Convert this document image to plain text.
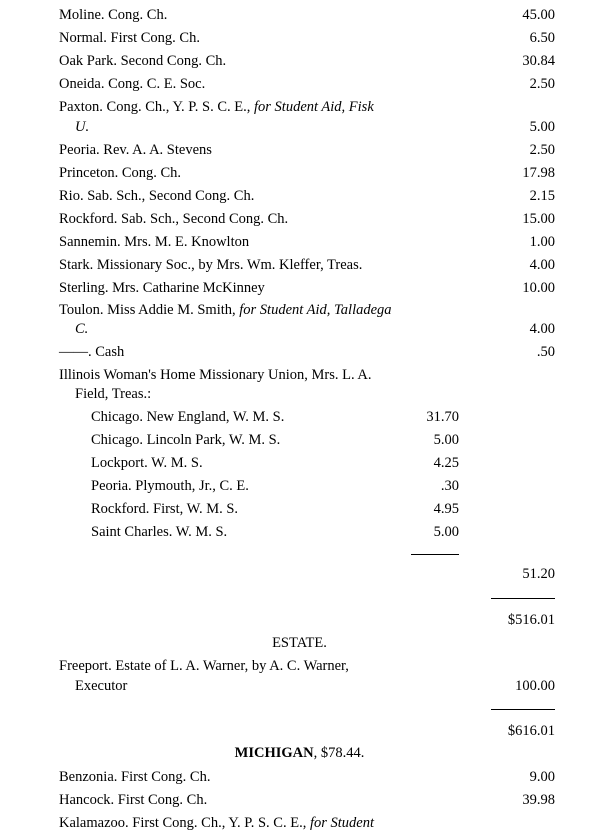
Moline. Cong. Ch.	45.00
Normal. First Cong. Ch.	6.50
Oak Park. Second Cong. Ch.	30.84
Oneida. Cong. C. E. Soc.	2.50
Paxton. Cong. Ch., Y. P. S. C. E., for Student Aid, Fisk
U.	5.00
Peoria. Rev. A. A. Stevens	2.50
Princeton. Cong. Ch.	17.98
Rio. Sab. Sch., Second Cong. Ch.	2.15
Rockford. Sab. Sch., Second Cong. Ch.	15.00
Sannemin. Mrs. M. E. Knowlton	1.00
Stark. Missionary Soc., by Mrs. Wm. Kleffer, Treas.	4.00
Sterling. Mrs. Catharine McKinney	10.00
Toulon. Miss Addie M. Smith, for Student Aid, Talladega
C.	4.00
——. Cash	.50
Illinois Woman's Home Missionary Union, Mrs. L. A.
Field, Treas.:
Chicago. New England, W. M. S.	31.70
Chicago. Lincoln Park, W. M. S.	5.00
Lockport. W. M. S.	4.25
Peoria. Plymouth, Jr., C. E.	.30
Rockford. First, W. M. S.	4.95
Saint Charles. W. M. S.	5.00
51.20
$516.01
ESTATE.
Freeport. Estate of L. A. Warner, by A. C. Warner,
Executor	100.00
$616.01
MICHIGAN, $78.44.
Benzonia. First Cong. Ch.	9.00
Hancock. First Cong. Ch.	39.98
Kalamazoo. First Cong. Ch., Y. P. S. C. E., for Student
